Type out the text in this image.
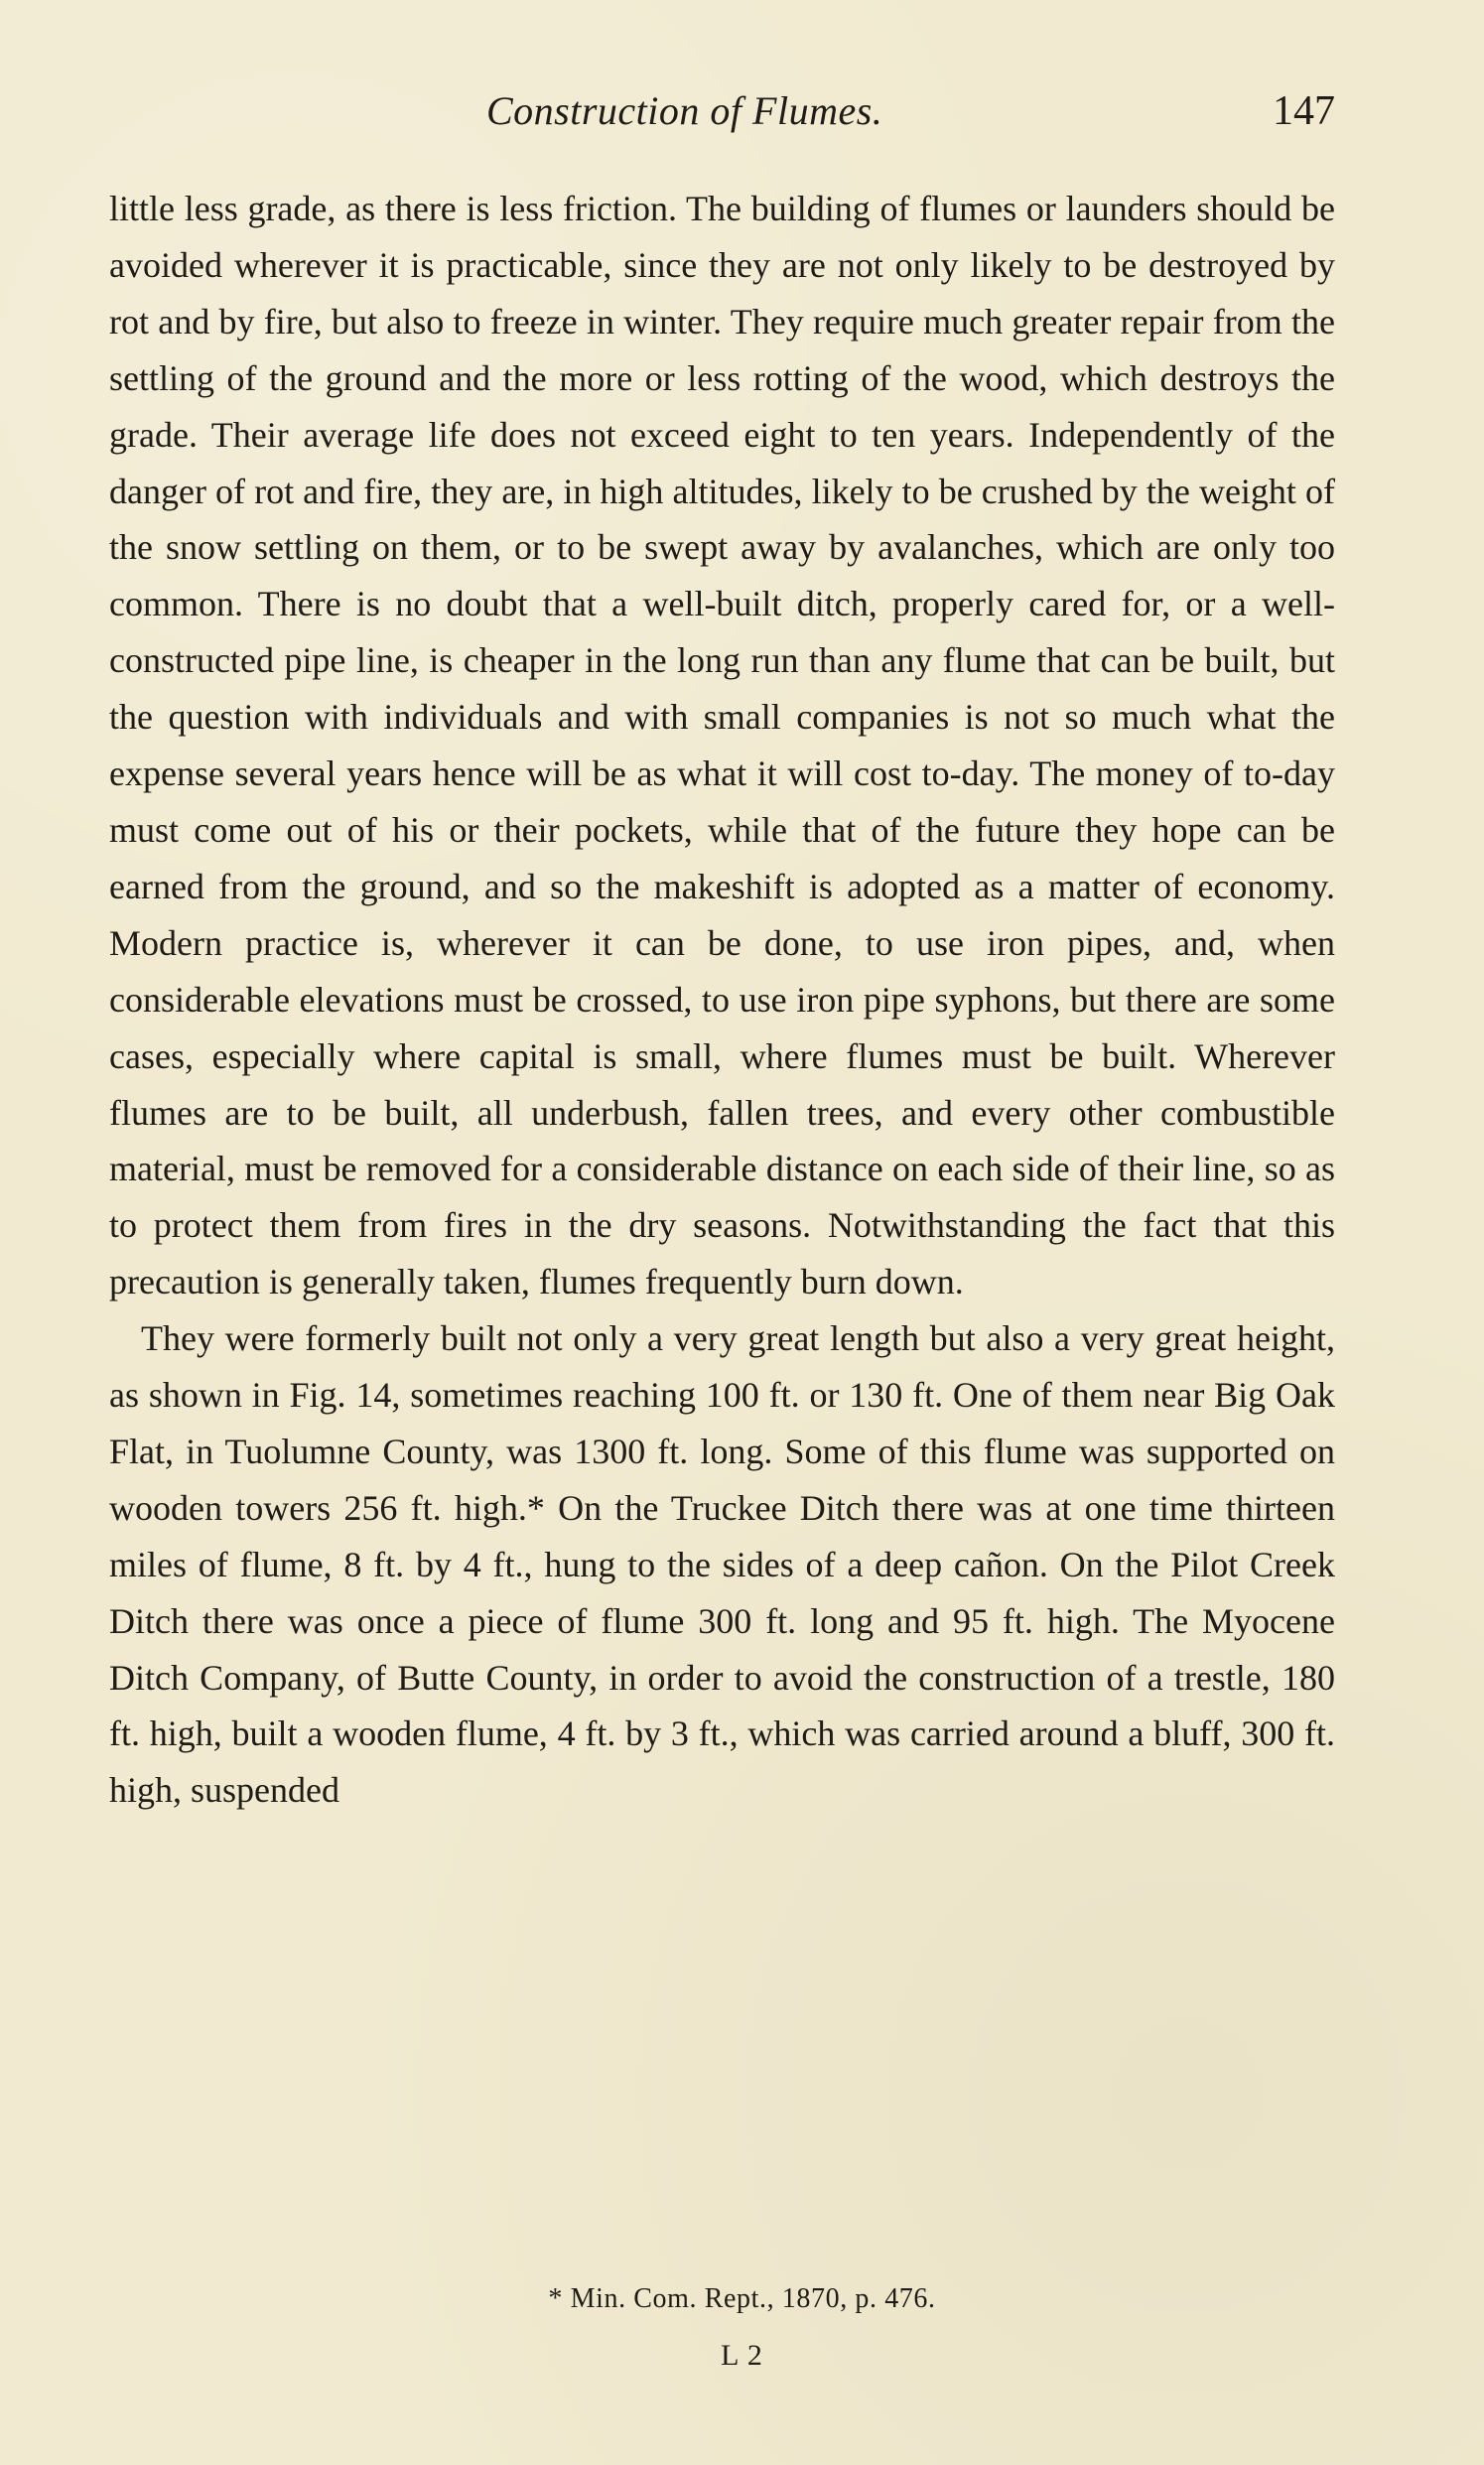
Construction of Flumes.	147

little less grade, as there is less friction. The building of flumes or launders should be avoided wherever it is practicable, since they are not only likely to be destroyed by rot and by fire, but also to freeze in winter. They require much greater repair from the settling of the ground and the more or less rotting of the wood, which destroys the grade. Their average life does not exceed eight to ten years. Independently of the danger of rot and fire, they are, in high altitudes, likely to be crushed by the weight of the snow settling on them, or to be swept away by avalanches, which are only too common. There is no doubt that a well-built ditch, properly cared for, or a well-constructed pipe line, is cheaper in the long run than any flume that can be built, but the question with individuals and with small companies is not so much what the expense several years hence will be as what it will cost to-day. The money of to-day must come out of his or their pockets, while that of the future they hope can be earned from the ground, and so the makeshift is adopted as a matter of economy. Modern practice is, wherever it can be done, to use iron pipes, and, when considerable elevations must be crossed, to use iron pipe syphons, but there are some cases, especially where capital is small, where flumes must be built. Wherever flumes are to be built, all underbush, fallen trees, and every other combustible material, must be removed for a considerable distance on each side of their line, so as to protect them from fires in the dry seasons. Notwithstanding the fact that this precaution is generally taken, flumes frequently burn down.

They were formerly built not only a very great length but also a very great height, as shown in Fig. 14, sometimes reaching 100 ft. or 130 ft. One of them near Big Oak Flat, in Tuolumne County, was 1300 ft. long. Some of this flume was supported on wooden towers 256 ft. high.* On the Truckee Ditch there was at one time thirteen miles of flume, 8 ft. by 4 ft., hung to the sides of a deep cañon. On the Pilot Creek Ditch there was once a piece of flume 300 ft. long and 95 ft. high. The Myocene Ditch Company, of Butte County, in order to avoid the construction of a trestle, 180 ft. high, built a wooden flume, 4 ft. by 3 ft., which was carried around a bluff, 300 ft. high, suspended

* Min. Com. Rept., 1870, p. 476.
L 2
